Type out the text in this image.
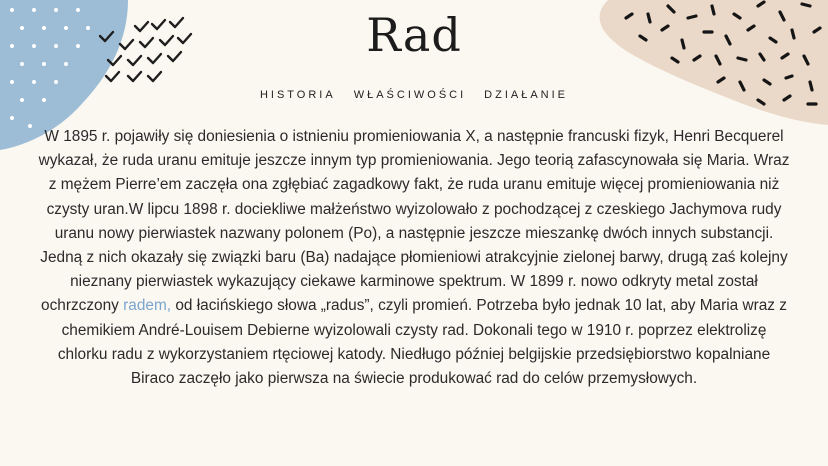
Rad
HISTORIA WŁAŚCIWOŚCI DZIAŁANIE
W 1895 r. pojawiły się doniesienia o istnieniu promieniowania X, a następnie francuski fizyk, Henri Becquerel wykazał, że ruda uranu emituje jeszcze innym typ promieniowania. Jego teorią zafascynowała się Maria. Wraz z mężem Pierre’em zaczęła ona zgłębiać zagadkowy fakt, że ruda uranu emituje więcej promieniowania niż czysty uran.W lipcu 1898 r. dociekliwe małżeństwo wyizolowało z pochodzącej z czeskiego Jachymova rudy uranu nowy pierwiastek nazwany polonem (Po), a następnie jeszcze mieszankę dwóch innych substancji. Jedną z nich okazały się związki baru (Ba) nadające płomieniowi atrakcyjnie zielonej barwy, drugą zaś kolejny nieznany pierwiastek wykazujący ciekawe karminowe spektrum. W 1899 r. nowo odkryty metal został ochrzczony radem, od łacińskiego słowa „radus”, czyli promień. Potrzeba było jednak 10 lat, aby Maria wraz z chemikiem André-Louisem Debierne wyizolowali czysty rad. Dokonali tego w 1910 r. poprzez elektrolizę chlorku radu z wykorzystaniem rtęciowej katody. Niedługo później belgijskie przedsiębiorstwo kopalniane Biraco zaczęło jako pierwsza na świecie produkować rad do celów przemysłowych.
